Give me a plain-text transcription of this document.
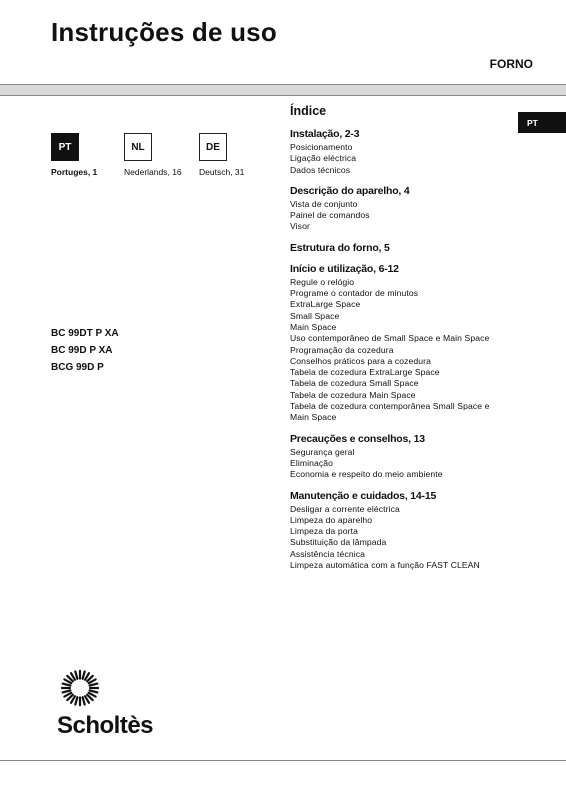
Instruções de uso
FORNO
PT	NL	DE
Portuges, 1	Nederlands, 16 Deutsch, 31
BC 99DT P XA
BC 99D P XA
BCG 99D P
PT
Índice
Instalação, 2-3
Posicionamento
Ligação eléctrica
Dados técnicos
Descrição do aparelho, 4
Vista de conjunto
Painel de comandos
Visor
Estrutura do forno, 5
Início e utilização, 6-12
Regule o relógio
Programe o contador de minutos
ExtraLarge Space
Small Space
Main Space
Uso contemporâneo de Small Space e Main Space
Programação da cozedura
Conselhos práticos para a cozedura
Tabela de cozedura ExtraLarge Space
Tabela de cozedura Small Space
Tabela de cozedura Main Space
Tabela de cozedura contemporânea Small Space e
Main Space
Precauções e conselhos, 13
Segurança geral
Eliminação
Economia e respeito do meio ambiente
Manutenção e cuidados, 14-15
Desligar a corrente eléctrica
Limpeza do aparelho
Limpeza da porta
Substituição da lâmpada
Assistência técnica
Limpeza automática com a função FAST CLEAN
Scholtès
